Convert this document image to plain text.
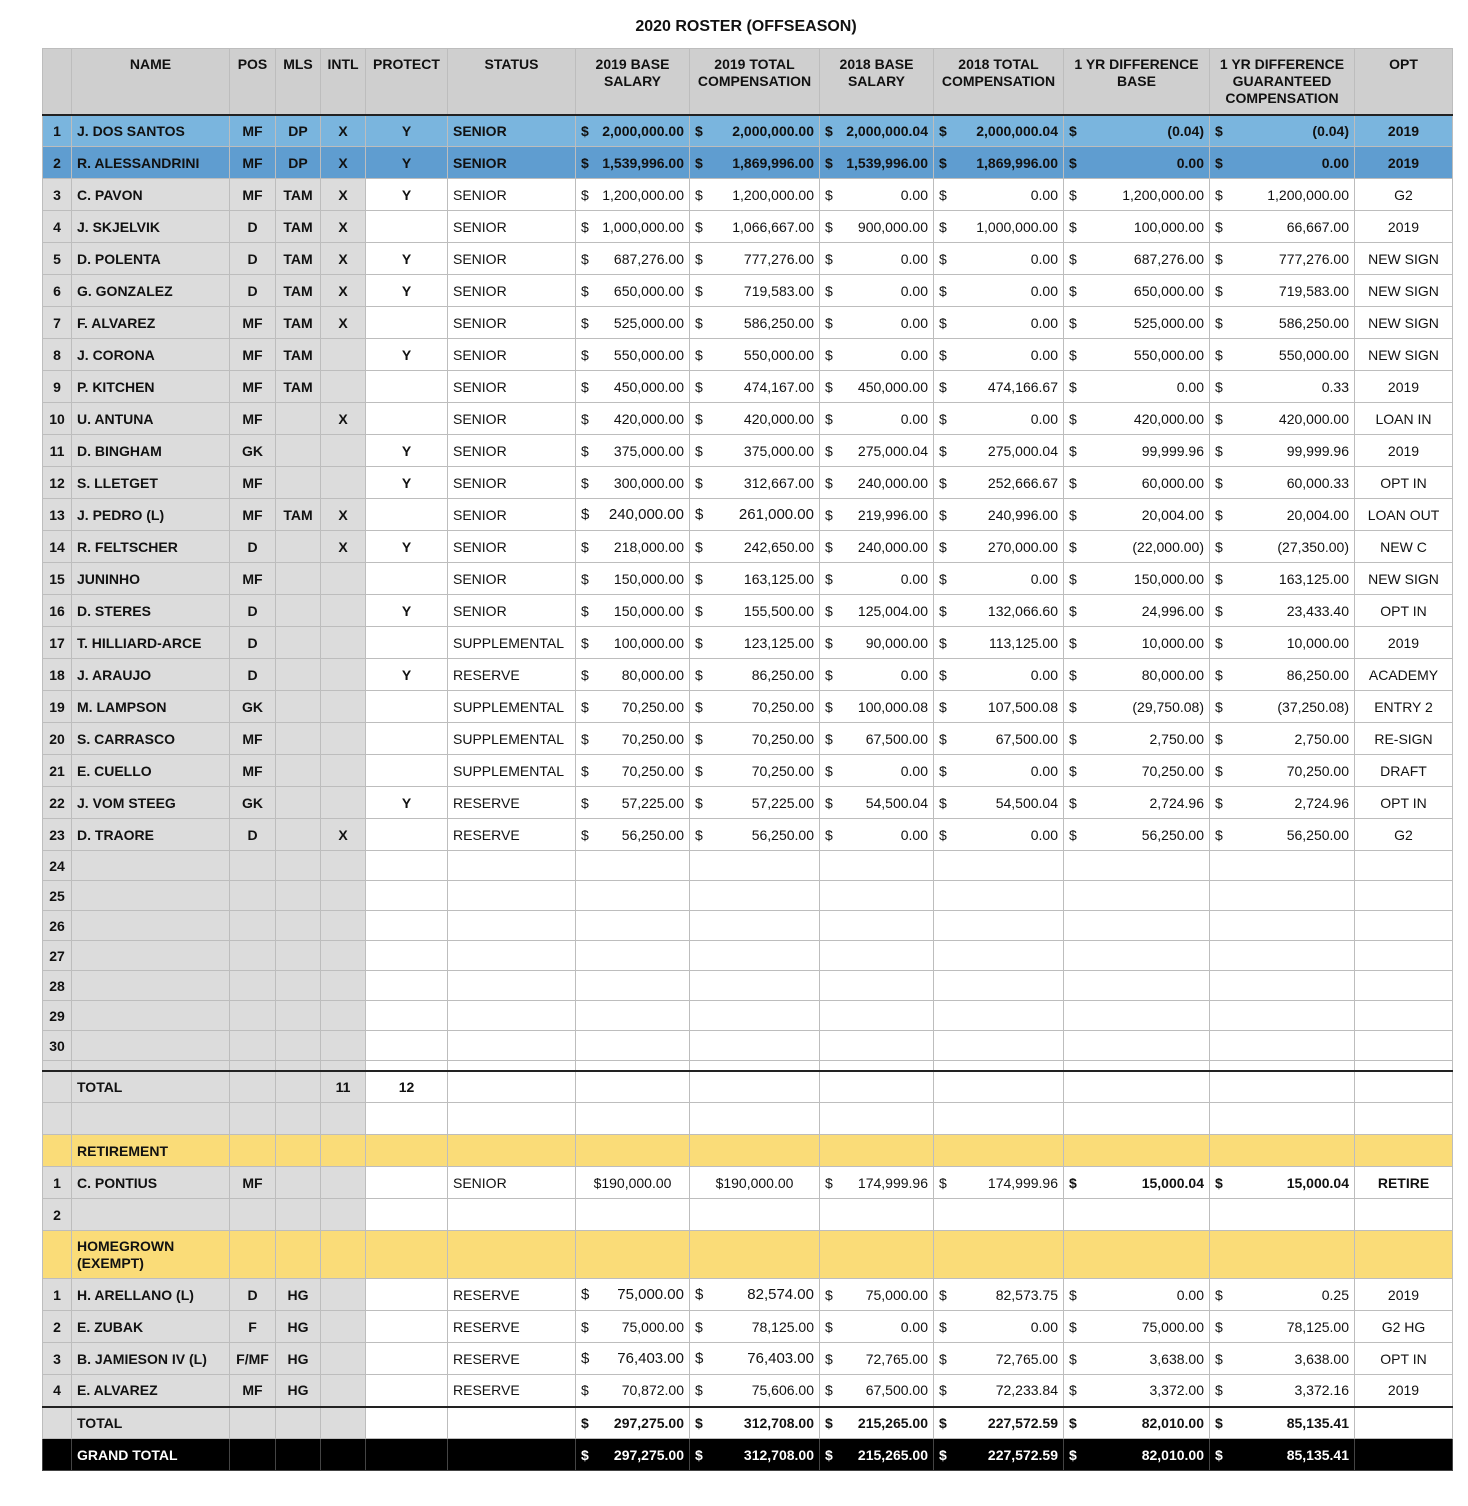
2020 ROSTER (OFFSEASON)
	NAME	POS	MLS	INTL	PROTECT	STATUS	2019 BASE SALARY	2019 TOTAL COMPENSATION	2018 BASE SALARY	2018 TOTAL COMPENSATION	1 YR DIFFERENCE BASE	1 YR DIFFERENCE GUARANTEED COMPENSATION	OPT
1	J. DOS SANTOS	MF	DP	X	Y	SENIOR	$ 2,000,000.00	$ 2,000,000.00	$ 2,000,000.04	$ 2,000,000.04	$ (0.04)	$ (0.04)	2019
2	R. ALESSANDRINI	MF	DP	X	Y	SENIOR	$ 1,539,996.00	$ 1,869,996.00	$ 1,539,996.00	$ 1,869,996.00	$ 0.00	$ 0.00	2019
3	C. PAVON	MF	TAM	X	Y	SENIOR	$ 1,200,000.00	$ 1,200,000.00	$ 0.00	$ 0.00	$ 1,200,000.00	$ 1,200,000.00	G2
4	J. SKJELVIK	D	TAM	X		SENIOR	$ 1,000,000.00	$ 1,066,667.00	$ 900,000.00	$ 1,000,000.00	$ 100,000.00	$ 66,667.00	2019
5	D. POLENTA	D	TAM	X	Y	SENIOR	$ 687,276.00	$ 777,276.00	$ 0.00	$ 0.00	$ 687,276.00	$ 777,276.00	NEW SIGN
6	G. GONZALEZ	D	TAM	X	Y	SENIOR	$ 650,000.00	$ 719,583.00	$ 0.00	$ 0.00	$ 650,000.00	$ 719,583.00	NEW SIGN
7	F. ALVAREZ	MF	TAM	X		SENIOR	$ 525,000.00	$ 586,250.00	$ 0.00	$ 0.00	$ 525,000.00	$ 586,250.00	NEW SIGN
8	J. CORONA	MF	TAM		Y	SENIOR	$ 550,000.00	$ 550,000.00	$ 0.00	$ 0.00	$ 550,000.00	$ 550,000.00	NEW SIGN
9	P. KITCHEN	MF	TAM			SENIOR	$ 450,000.00	$ 474,167.00	$ 450,000.00	$ 474,166.67	$ 0.00	$ 0.33	2019
10	U. ANTUNA	MF		X		SENIOR	$ 420,000.00	$ 420,000.00	$ 0.00	$ 0.00	$ 420,000.00	$ 420,000.00	LOAN IN
11	D. BINGHAM	GK			Y	SENIOR	$ 375,000.00	$ 375,000.00	$ 275,000.04	$ 275,000.04	$ 99,999.96	$ 99,999.96	2019
12	S. LLETGET	MF			Y	SENIOR	$ 300,000.00	$ 312,667.00	$ 240,000.00	$ 252,666.67	$ 60,000.00	$ 60,000.33	OPT IN
13	J. PEDRO (L)	MF	TAM	X		SENIOR	$ 240,000.00	$ 261,000.00	$ 219,996.00	$ 240,996.00	$ 20,004.00	$ 20,004.00	LOAN OUT
14	R. FELTSCHER	D		X	Y	SENIOR	$ 218,000.00	$ 242,650.00	$ 240,000.00	$ 270,000.00	$ (22,000.00)	$ (27,350.00)	NEW C
15	JUNINHO	MF				SENIOR	$ 150,000.00	$ 163,125.00	$ 0.00	$ 0.00	$ 150,000.00	$ 163,125.00	NEW SIGN
16	D. STERES	D			Y	SENIOR	$ 150,000.00	$ 155,500.00	$ 125,004.00	$ 132,066.60	$ 24,996.00	$ 23,433.40	OPT IN
17	T. HILLIARD-ARCE	D				SUPPLEMENTAL	$ 100,000.00	$ 123,125.00	$ 90,000.00	$ 113,125.00	$ 10,000.00	$ 10,000.00	2019
18	J. ARAUJO	D			Y	RESERVE	$ 80,000.00	$ 86,250.00	$ 0.00	$ 0.00	$ 80,000.00	$ 86,250.00	ACADEMY
19	M. LAMPSON	GK				SUPPLEMENTAL	$ 70,250.00	$ 70,250.00	$ 100,000.08	$ 107,500.08	$ (29,750.08)	$ (37,250.08)	ENTRY 2
20	S. CARRASCO	MF				SUPPLEMENTAL	$ 70,250.00	$ 70,250.00	$ 67,500.00	$ 67,500.00	$ 2,750.00	$ 2,750.00	RE-SIGN
21	E. CUELLO	MF				SUPPLEMENTAL	$ 70,250.00	$ 70,250.00	$ 0.00	$ 0.00	$ 70,250.00	$ 70,250.00	DRAFT
22	J. VOM STEEG	GK			Y	RESERVE	$ 57,225.00	$ 57,225.00	$ 54,500.04	$ 54,500.04	$ 2,724.96	$ 2,724.96	OPT IN
23	D. TRAORE	D		X		RESERVE	$ 56,250.00	$ 56,250.00	$ 0.00	$ 0.00	$ 56,250.00	$ 56,250.00	G2
24													
25													
26													
27													
28													
29													
30													

	TOTAL			11	12								

	RETIREMENT												
1	C. PONTIUS	MF				SENIOR	$190,000.00	$190,000.00	$ 174,999.96	$ 174,999.96	$ 15,000.04	$ 15,000.04	RETIRE
2													
	HOMEGROWN (EXEMPT)												
1	H. ARELLANO (L)	D	HG			RESERVE	$ 75,000.00	$ 82,574.00	$ 75,000.00	$ 82,573.75	$ 0.00	$ 0.25	2019
2	E. ZUBAK	F	HG			RESERVE	$ 75,000.00	$ 78,125.00	$ 0.00	$ 0.00	$ 75,000.00	$ 78,125.00	G2 HG
3	B. JAMIESON IV (L)	F/MF	HG			RESERVE	$ 76,403.00	$ 76,403.00	$ 72,765.00	$ 72,765.00	$ 3,638.00	$ 3,638.00	OPT IN
4	E. ALVAREZ	MF	HG			RESERVE	$ 70,872.00	$ 75,606.00	$ 67,500.00	$ 72,233.84	$ 3,372.00	$ 3,372.16	2019
	TOTAL						$ 297,275.00	$ 312,708.00	$ 215,265.00	$ 227,572.59	$ 82,010.00	$ 85,135.41	

	GRAND TOTAL						$ 297,275.00	$ 312,708.00	$ 215,265.00	$ 227,572.59	$ 82,010.00	$ 85,135.41	
